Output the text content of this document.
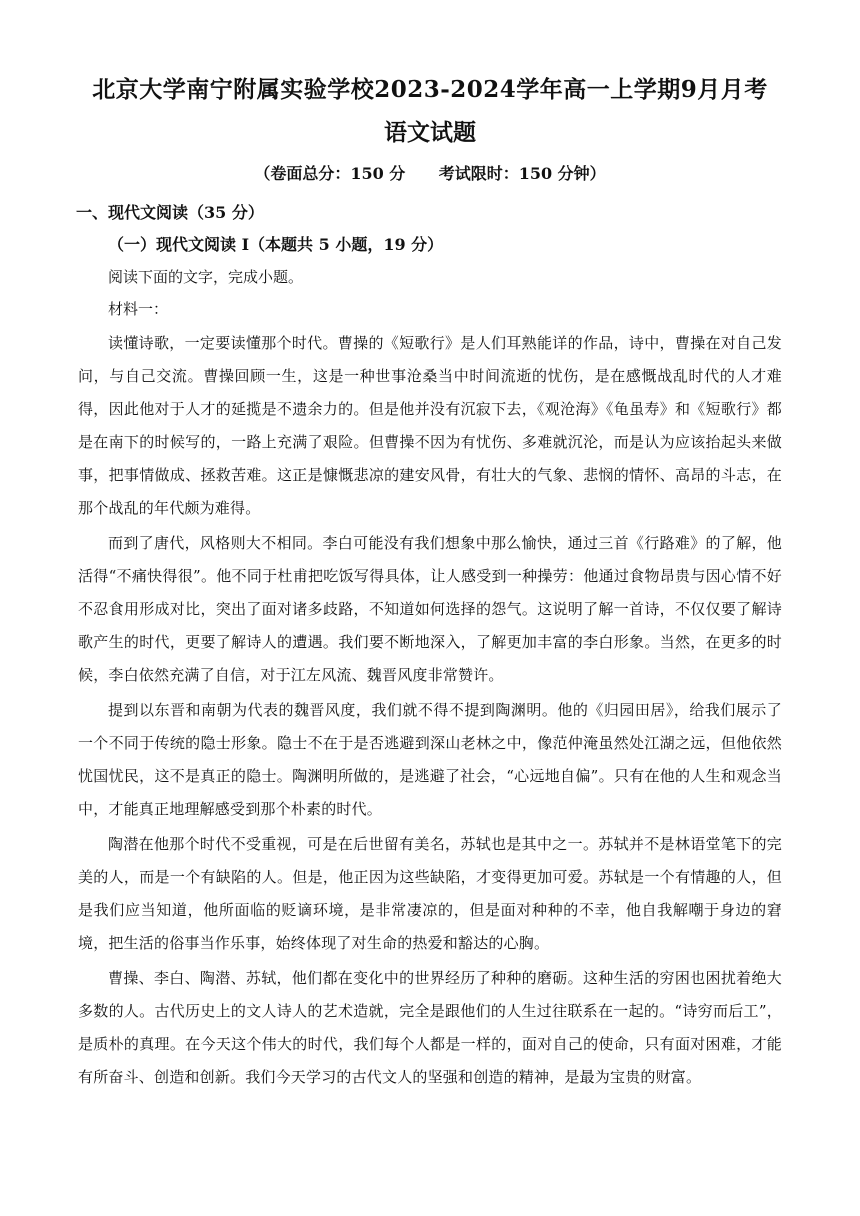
北京大学南宁附属实验学校2023-2024学年高一上学期9月月考
语文试题
（卷面总分：150 分      考试限时：150 分钟）
一、现代文阅读（35 分）
（一）现代文阅读 I（本题共 5 小题，19 分）

阅读下面的文字，完成小题。

材料一：

读懂诗歌，一定要读懂那个时代。曹操的《短歌行》是人们耳熟能详的作品，诗中，曹操在对自己发问，与自己交流。曹操回顾一生，这是一种世事沧桑当中时间流逝的忧伤，是在感慨战乱时代的人才难得，因此他对于人才的延揽是不遗余力的。但是他并没有沉寂下去，《观沧海》《龟虽寿》和《短歌行》都是在南下的时候写的，一路上充满了艰险。但曹操不因为有忧伤、多难就沉沦，而是认为应该抬起头来做事，把事情做成、拯救苦难。这正是慷慨悲凉的建安风骨，有壮大的气象、悲悯的情怀、高昂的斗志，在那个战乱的年代颇为难得。

而到了唐代，风格则大不相同。李白可能没有我们想象中那么愉快，通过三首《行路难》的了解，他活得“不痛快得很”。他不同于杜甫把吃饭写得具体，让人感受到一种操劳：他通过食物昂贵与因心情不好不忍食用形成对比，突出了面对诸多歧路，不知道如何选择的怨气。这说明了解一首诗，不仅仅要了解诗歌产生的时代，更要了解诗人的遭遇。我们要不断地深入，了解更加丰富的李白形象。当然，在更多的时候，李白依然充满了自信，对于江左风流、魏晋风度非常赞许。

提到以东晋和南朝为代表的魏晋风度，我们就不得不提到陶渊明。他的《归园田居》，给我们展示了一个不同于传统的隐士形象。隐士不在于是否逃避到深山老林之中，像范仲淹虽然处江湖之远，但他依然忧国忧民，这不是真正的隐士。陶渊明所做的，是逃避了社会，“心远地自偏”。只有在他的人生和观念当中，才能真正地理解感受到那个朴素的时代。

陶潜在他那个时代不受重视，可是在后世留有美名，苏轼也是其中之一。苏轼并不是林语堂笔下的完美的人，而是一个有缺陷的人。但是，他正因为这些缺陷，才变得更加可爱。苏轼是一个有情趣的人，但是我们应当知道，他所面临的贬谪环境，是非常凄凉的，但是面对种种的不幸，他自我解嘲于身边的窘境，把生活的俗事当作乐事，始终体现了对生命的热爱和豁达的心胸。

曹操、李白、陶潜、苏轼，他们都在变化中的世界经历了种种的磨砺。这种生活的穷困也困扰着绝大多数的人。古代历史上的文人诗人的艺术造就，完全是跟他们的人生过往联系在一起的。“诗穷而后工”，是质朴的真理。在今天这个伟大的时代，我们每个人都是一样的，面对自己的使命，只有面对困难，才能有所奋斗、创造和创新。我们今天学习的古代文人的坚强和创造的精神，是最为宝贵的财富。
